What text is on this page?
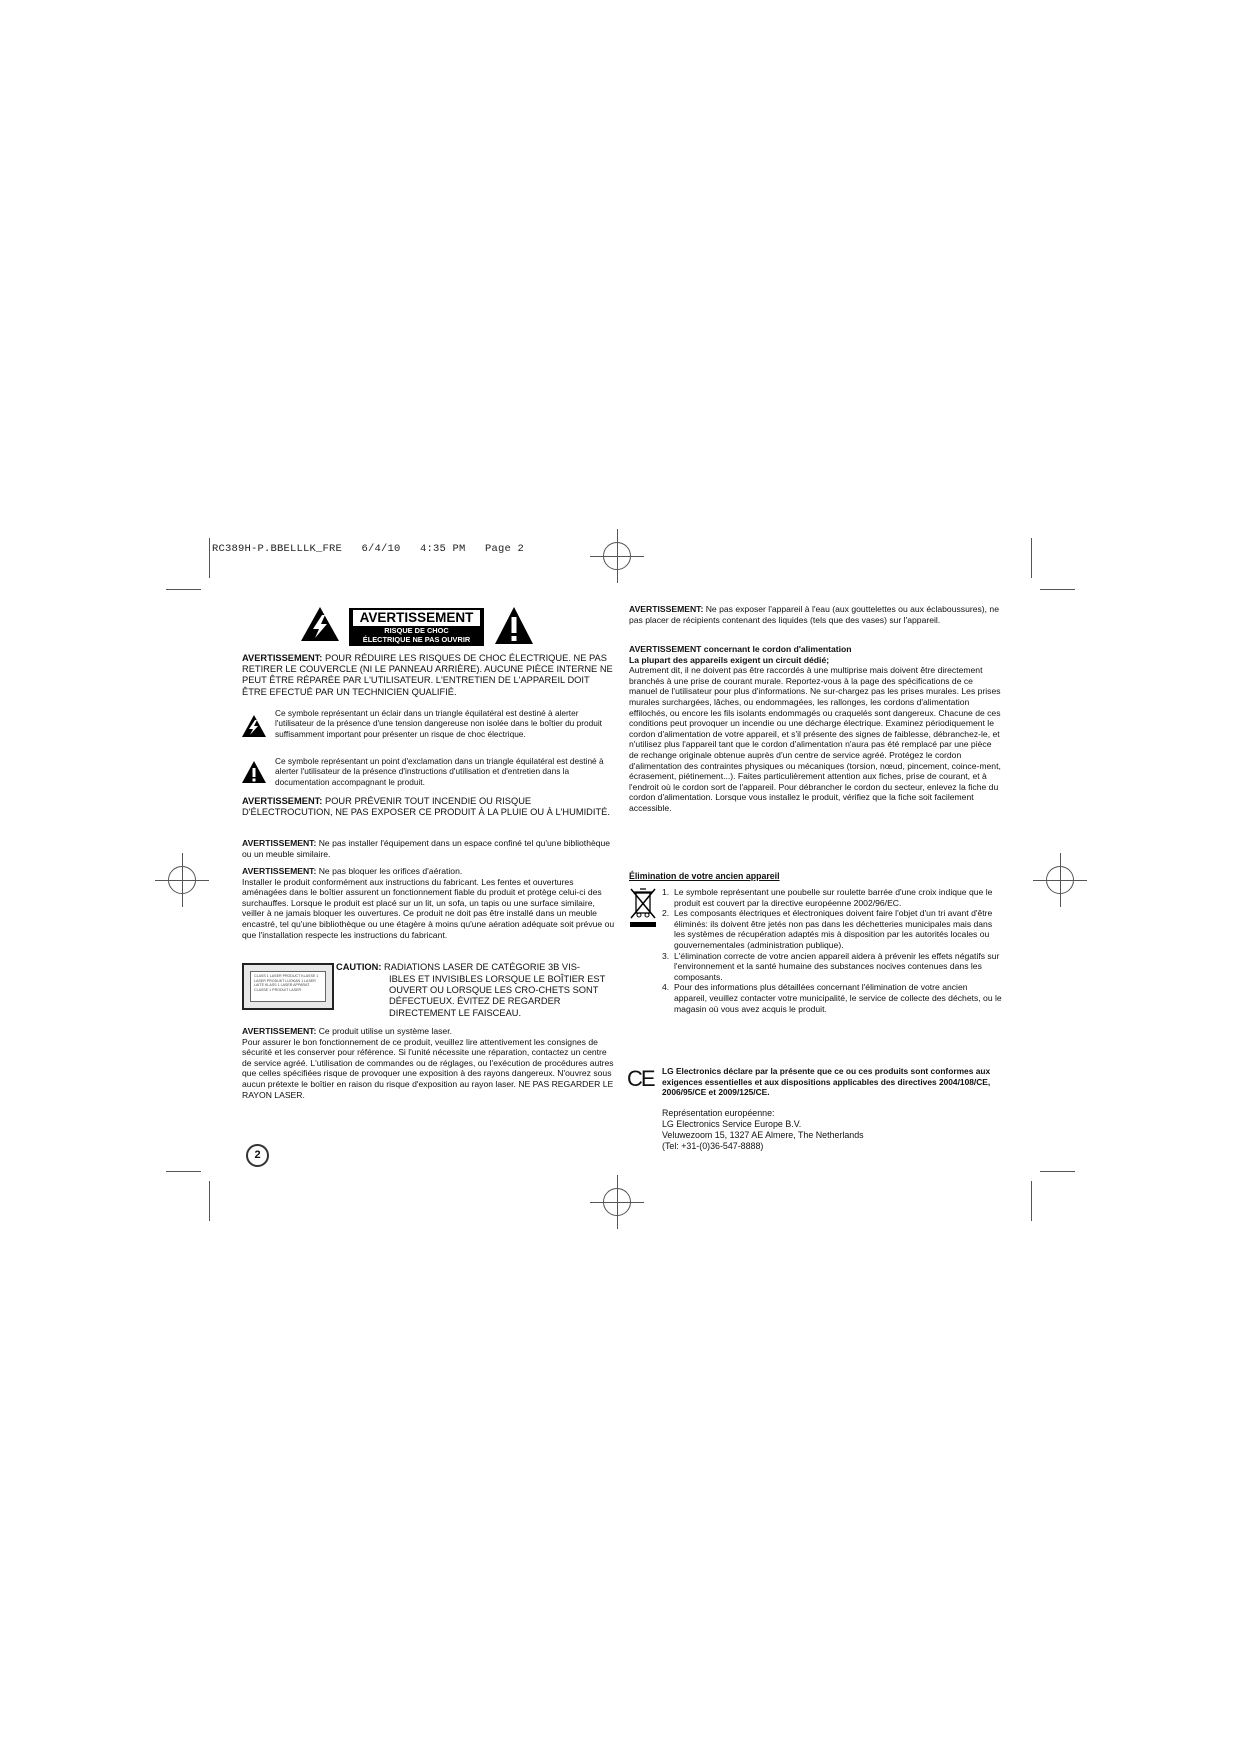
RC389H-P.BBELLLK_FRE   6/4/10   4:35 PM   Page 2
AVERTISSEMENT
RISQUE DE CHOC
ÉLECTRIQUE NE PAS OUVRIR
AVERTISSEMENT: POUR RÉDUIRE LES RISQUES DE CHOC ÉLECTRIQUE. NE PAS RETIRER LE COUVERCLE (NI LE PANNEAU ARRIÈRE). AUCUNE PIÈCE INTERNE NE PEUT ÊTRE RÉPARÉE PAR L'UTILISATEUR. L'ENTRETIEN DE L'APPAREIL DOIT ÊTRE EFECTUÉ PAR UN TECHNICIEN QUALIFIÉ.
Ce symbole représentant un éclair dans un triangle équilatéral est destiné à alerter l'utilisateur de la présence d'une tension dangereuse non isolée dans le boîtier du produit suffisamment important pour présenter un risque de choc électrique.
Ce symbole représentant un point d'exclamation dans un triangle équilatéral est destiné à alerter l'utilisateur de la présence d'instructions d'utilisation et d'entretien dans la documentation accompagnant le produit.
AVERTISSEMENT: POUR PRÉVENIR TOUT INCENDIE OU RISQUE D'ÉLECTROCUTION, NE PAS EXPOSER CE PRODUIT À LA PLUIE OU À L'HUMIDITÉ.
AVERTISSEMENT: Ne pas installer l'équipement dans un espace confiné tel qu'une bibliothèque ou un meuble similaire.

AVERTISSEMENT: Ne pas bloquer les orifices d'aération.

Installer le produit conformément aux instructions du fabricant. Les fentes et ouvertures aménagées dans le boîtier assurent un fonctionnement fiable du produit et protège celui-ci des surchauffes. Lorsque le produit est placé sur un lit, un sofa, un tapis ou une surface similaire, veiller à ne jamais bloquer les ouvertures. Ce produit ne doit pas être installé dans un meuble encastré, tel qu'une bibliothèque ou une étagère à moins qu'une aération adéquate soit prévue ou que l'installation respecte les instructions du fabricant.

CLASS 1 LASER PRODUCT KLASSE 1 LASER PRODUKT LUOKAN 1 LASER LAITE KLASS 1 LASER APPARAT CLASSE 1 PRODUIT LASER
CAUTION: RADIATIONS LASER DE CATÉGORIE 3B VIS-
IBLES ET INVISIBLES LORSQUE LE BOÎTIER EST OUVERT OU LORSQUE LES CRO-CHETS SONT DÉFECTUEUX. ÉVITEZ DE REGARDER DIRECTEMENT LE FAISCEAU.

AVERTISSEMENT: Ce produit utilise un système laser.

Pour assurer le bon fonctionnement de ce produit, veuillez lire attentivement les consignes de sécurité et les conserver pour référence. Si l'unité nécessite une réparation, contactez un centre de service agréé. L'utilisation de commandes ou de réglages, ou l'exécution de procédures autres que celles spécifiées risque de provoquer une exposition à des rayons dangereux. N'ouvrez sous aucun prétexte le boîtier en raison du risque d'exposition au rayon laser. NE PAS REGARDER LE RAYON LASER.

2
AVERTISSEMENT: Ne pas exposer l'appareil à l'eau (aux gouttelettes ou aux éclaboussures), ne pas placer de récipients contenant des liquides (tels que des vases) sur l'appareil.

AVERTISSEMENT concernant le cordon d'alimentation

La plupart des appareils exigent un circuit dédié;

Autrement dit, il ne doivent pas être raccordés à une multiprise mais doivent être directement branchés à une prise de courant murale. Reportez-vous à la page des spécifications de ce manuel de l'utilisateur pour plus d'informations. Ne sur-chargez pas les prises murales. Les prises murales surchargées, lâches, ou endommagées, les rallonges, les cordons d'alimentation effilochés, ou encore les fils isolants endommagés ou craquelés sont dangereux. Chacune de ces conditions peut provoquer un incendie ou une décharge électrique. Examinez périodiquement le cordon d'alimentation de votre appareil, et s'il présente des signes de faiblesse, débranchez-le, et n'utilisez plus l'appareil tant que le cordon d'alimentation n'aura pas été remplacé par une pièce de rechange originale obtenue auprès d'un centre de service agréé. Protégez le cordon d'alimentation des contraintes physiques ou mécaniques (torsion, nœud, pincement, coince-ment, écrasement, piétinement...). Faites particulièrement attention aux fiches, prise de courant, et à l'endroit où le cordon sort de l'appareil. Pour débrancher le cordon du secteur, enlevez la fiche du cordon d'alimentation. Lorsque vous installez le produit, vérifiez que la fiche soit facilement accessible.

Élimination de votre ancien appareil
1. Le symbole représentant une poubelle sur roulette barrée d'une croix indique que le produit est couvert par la directive européenne 2002/96/EC.
2. Les composants électriques et électroniques doivent faire l'objet d'un tri avant d'être éliminés: ils doivent être jetés non pas dans les déchetteries municipales mais dans les systèmes de récupération adaptés mis à disposition par les autorités locales ou gouvernementales (administration publique).
3. L'élimination correcte de votre ancien appareil aidera à prévenir les effets négatifs sur l'environnement et la santé humaine des substances nocives contenues dans les composants.
4. Pour des informations plus détaillées concernant l'élimination de votre ancien appareil, veuillez contacter votre municipalité, le service de collecte des déchets, ou le magasin où vous avez acquis le produit.
CE LG Electronics déclare par la présente que ce ou ces produits sont conformes aux exigences essentielles et aux dispositions applicables des directives 2004/108/CE, 2006/95/CE et 2009/125/CE.

Représentation européenne:

LG Electronics Service Europe B.V.

Veluwezoom 15, 1327 AE Almere, The Netherlands

(Tel: +31-(0)36-547-8888)
